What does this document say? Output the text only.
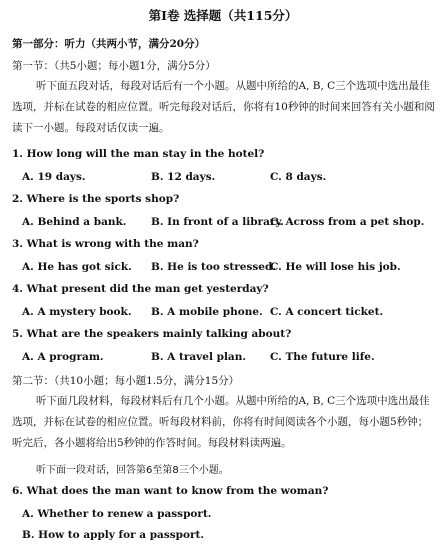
第Ⅰ卷 选择题（共115分）
第一部分：听力（共两小节，满分20分）
第一节：（共5小题；每小题1分，满分5分）
听下面五段对话，每段对话后有一个小题。从题中所给的A, B, C三个选项中选出最佳选项，并标在试卷的相应位置。听完每段对话后，你将有10秒钟的时间来回答有关小题和阅读下一小题。每段对话仅读一遍。
1. How long will the man stay in the hotel?
A. 19 days.	B. 12 days.	C. 8 days.
2. Where is the sports shop?
A. Behind a bank. B. In front of a library.
C. Across from a pet shop.
3. What is wrong with the man?
A. He has got sick. B. He is too stressed.
C. He will lose his job.
4. What present did the man get yesterday?
A. A mystery book. B. A mobile phone. C. A concert ticket.
5. What are the speakers mainly talking about?
A. A program.	B. A travel plan. C. The future life.
第二节：（共10小题；每小题1.5分，满分15分）
听下面几段材料，每段材料后有几个小题。从题中所给的A, B, C三个选项中选出最佳选项，并标在试卷的相应位置。听每段材料前，你将有时间阅读各个小题，每小题5秒钟；听完后，各小题将给出5秒钟的作答时间。每段材料读两遍。
听下面一段对话，回答第6至第8三个小题。
6. What does the man want to know from the woman?
A. Whether to renew a passport.
B. How to apply for a passport.
